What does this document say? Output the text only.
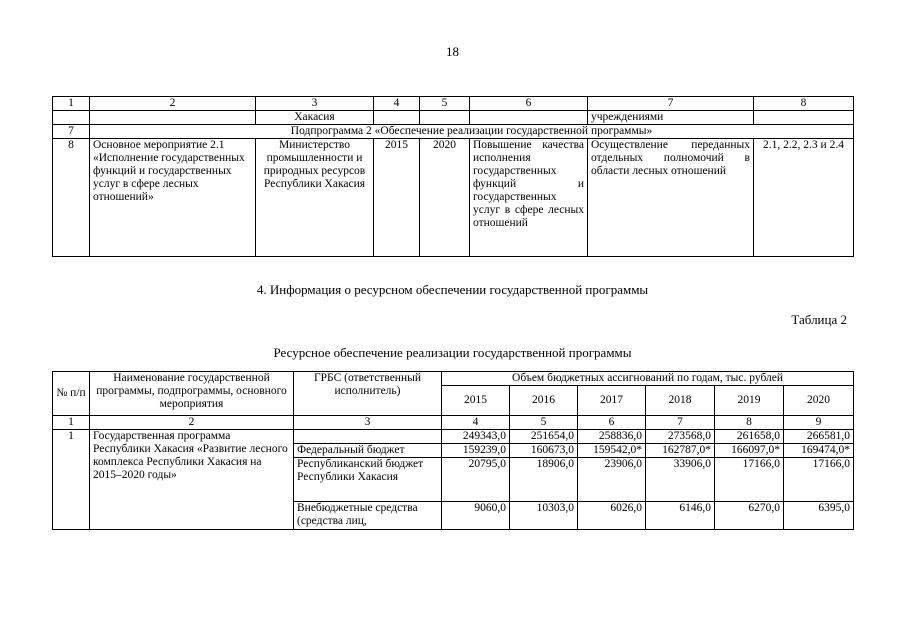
18
1	2	3	4	5	6	7	8
		Хакасия				учреждениями	
7	Подпрограмма 2 «Обеспечение реализации государственной программы»						
8	Основное мероприятие 2.1 «Исполнение государственных функций и государственных услуг в сфере лесных отношений»	Министерство промышленности и природных ресурсов Республики Хакасия	2015	2020	Повышение качества исполнения государственных функций и государственных услуг в сфере лесных отношений	Осуществление переданных отдельных полномочий в области лесных отношений	2.1, 2.2, 2.3 и 2.4
4. Информация о ресурсном обеспечении государственной программы
Таблица 2
Ресурсное обеспечение реализации государственной программы
№ п/п	Наименование государственной программы, подпрограммы, основного мероприятия	ГРБС (ответственный исполнитель)	Объем бюджетных ассигнований по годам, тыс. рублей					
			2015	2016	2017	2018	2019	2020
1	2	3	4	5	6	7	8	9
1	Государственная программа Республики Хакасия «Развитие лесного комплекса Республики Хакасия на 2015–2020 годы»		249343,0	251654,0	258836,0	273568,0	261658,0	266581,0
		Федеральный бюджет	159239,0	160673,0	159542,0*	162787,0*	166097,0*	169474,0*
		Республиканский бюджет Республики Хакасия	20795,0	18906,0	23906,0	33906,0	17166,0	17166,0
		Внебюджетные средства (средства лиц,	9060,0	10303,0	6026,0	6146,0	6270,0	6395,0
